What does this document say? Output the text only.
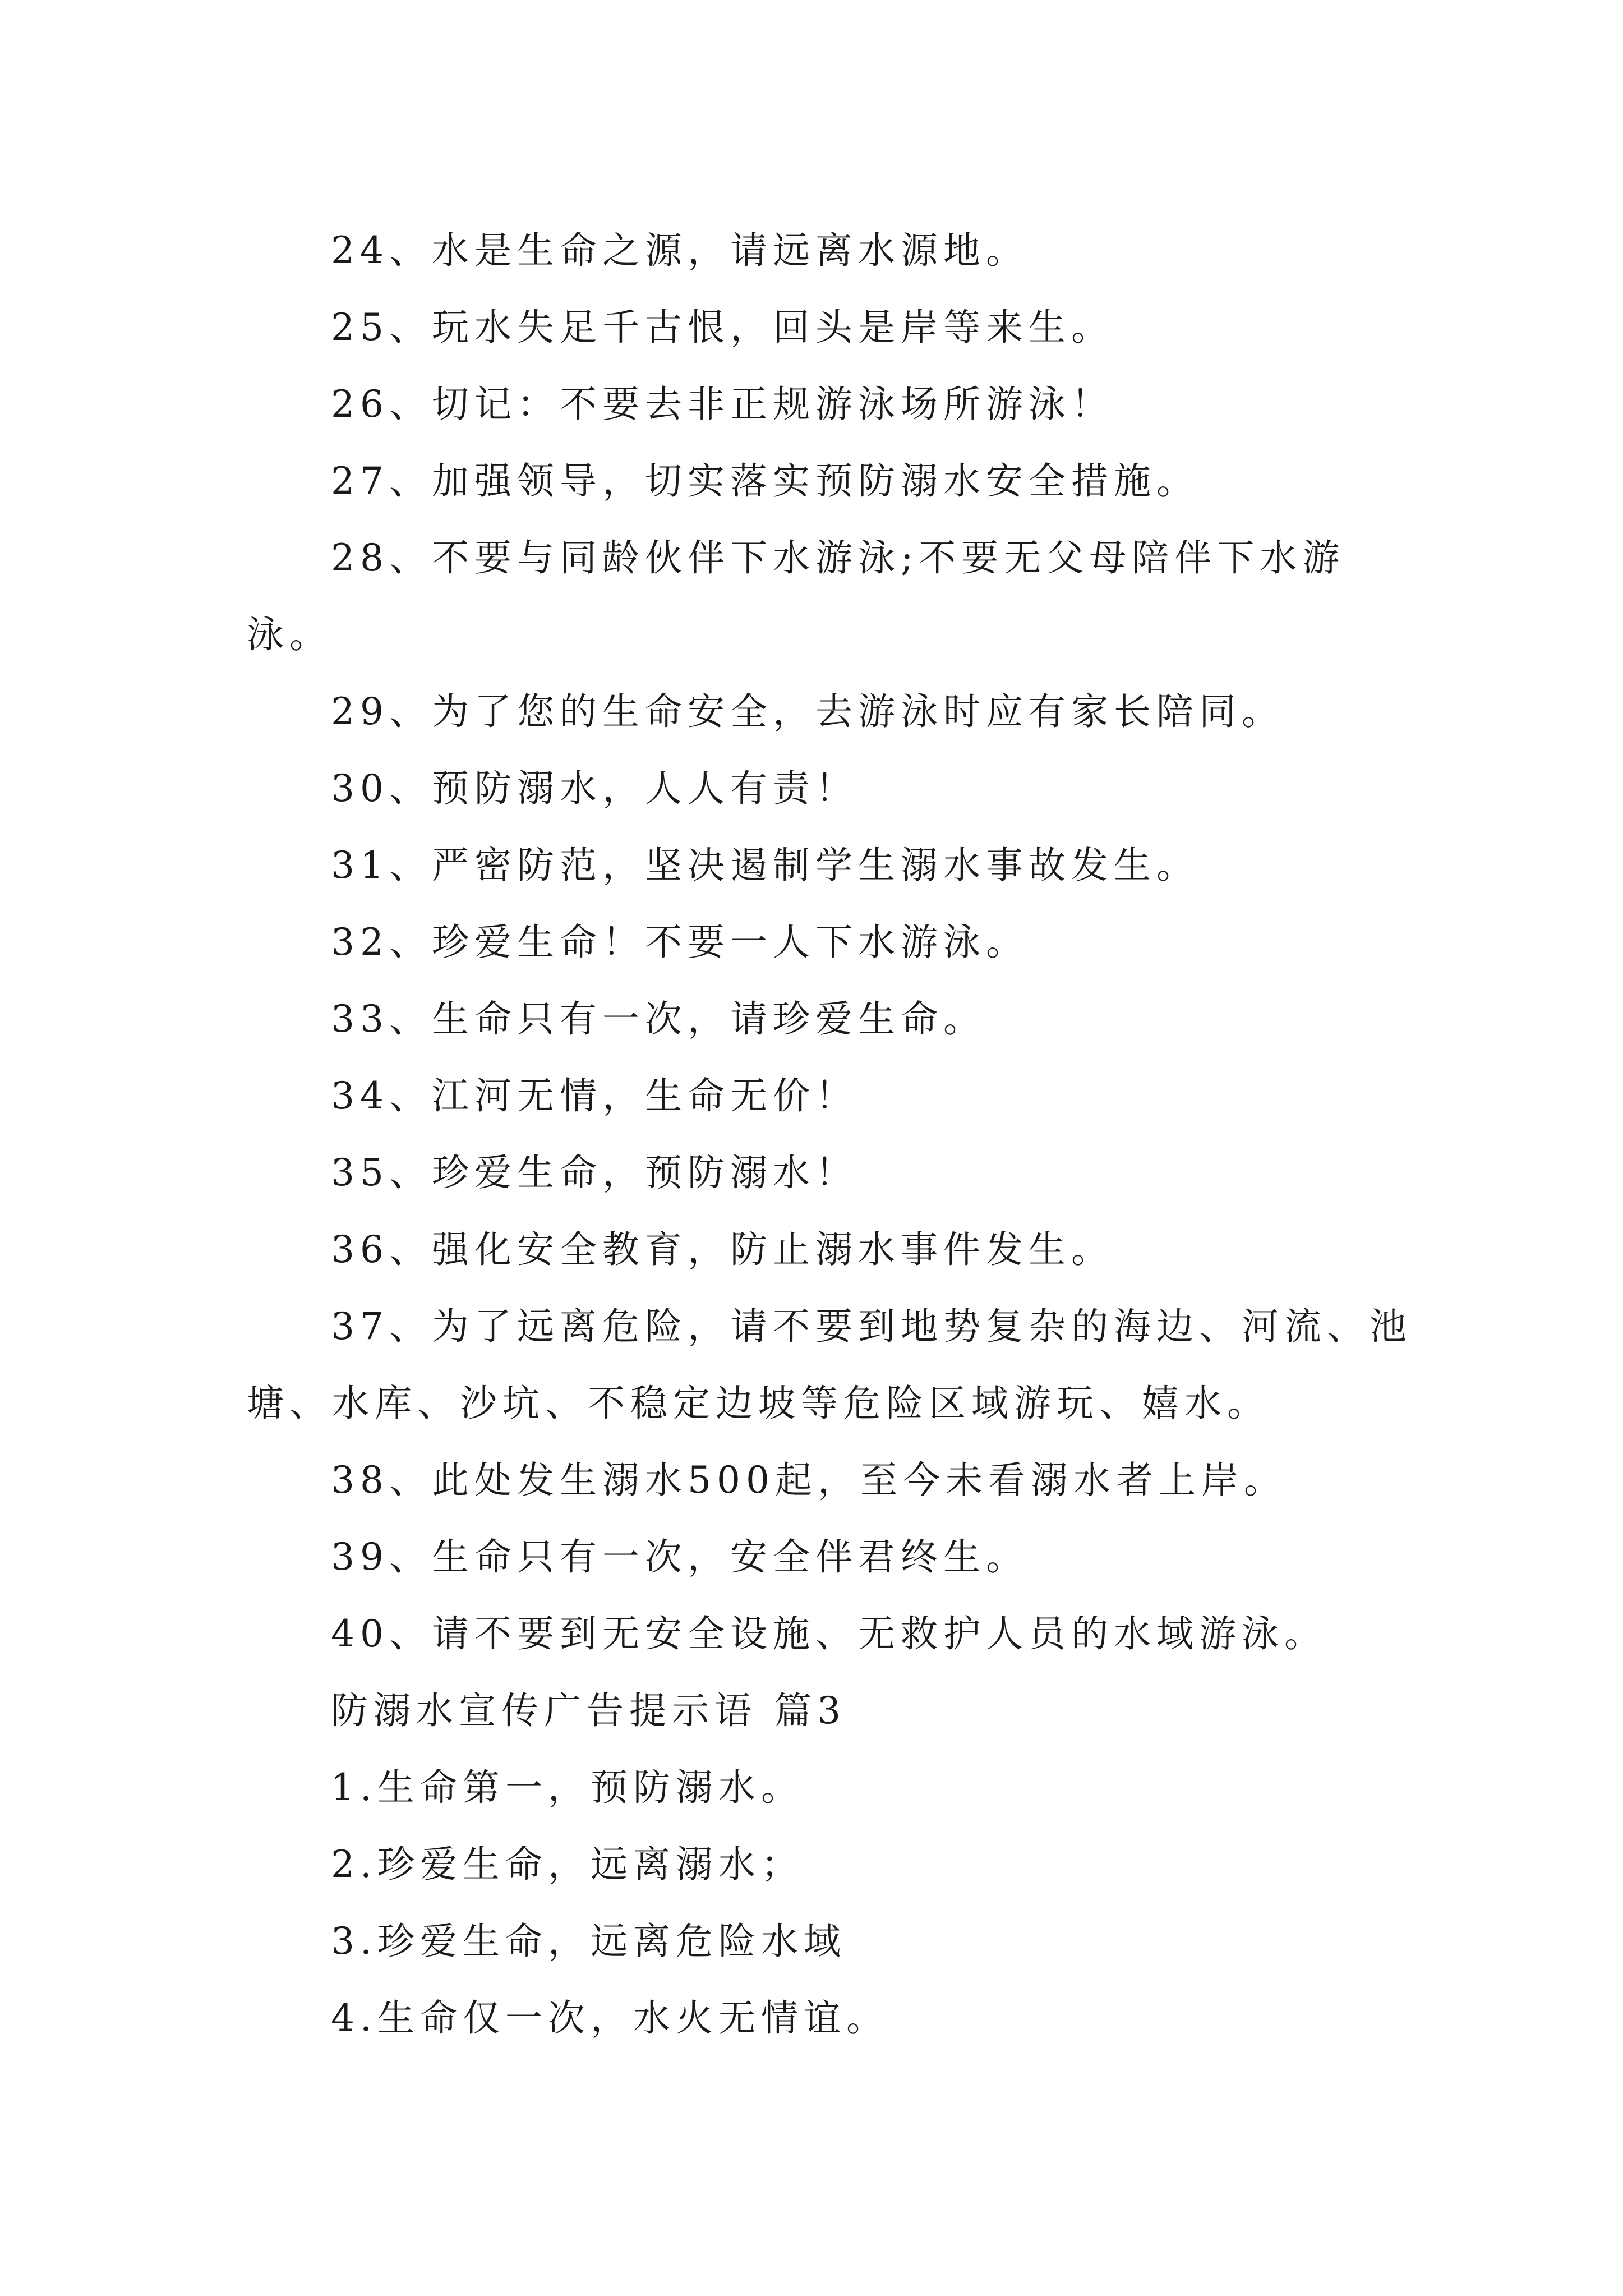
24、水是生命之源，请远离水源地。

25、玩水失足千古恨，回头是岸等来生。

26、切记：不要去非正规游泳场所游泳！

27、加强领导，切实落实预防溺水安全措施。

28、不要与同龄伙伴下水游泳;不要无父母陪伴下水游泳。

29、为了您的生命安全，去游泳时应有家长陪同。

30、预防溺水，人人有责！

31、严密防范，坚决遏制学生溺水事故发生。

32、珍爱生命！不要一人下水游泳。

33、生命只有一次，请珍爱生命。

34、江河无情，生命无价！

35、珍爱生命，预防溺水！

36、强化安全教育，防止溺水事件发生。

37、为了远离危险，请不要到地势复杂的海边、河流、池塘、水库、沙坑、不稳定边坡等危险区域游玩、嬉水。

38、此处发生溺水500起，至今未看溺水者上岸。

39、生命只有一次，安全伴君终生。

40、请不要到无安全设施、无救护人员的水域游泳。

防溺水宣传广告提示语 篇3

1.生命第一，预防溺水。

2.珍爱生命，远离溺水；

3.珍爱生命，远离危险水域

4.生命仅一次，水火无情谊。
